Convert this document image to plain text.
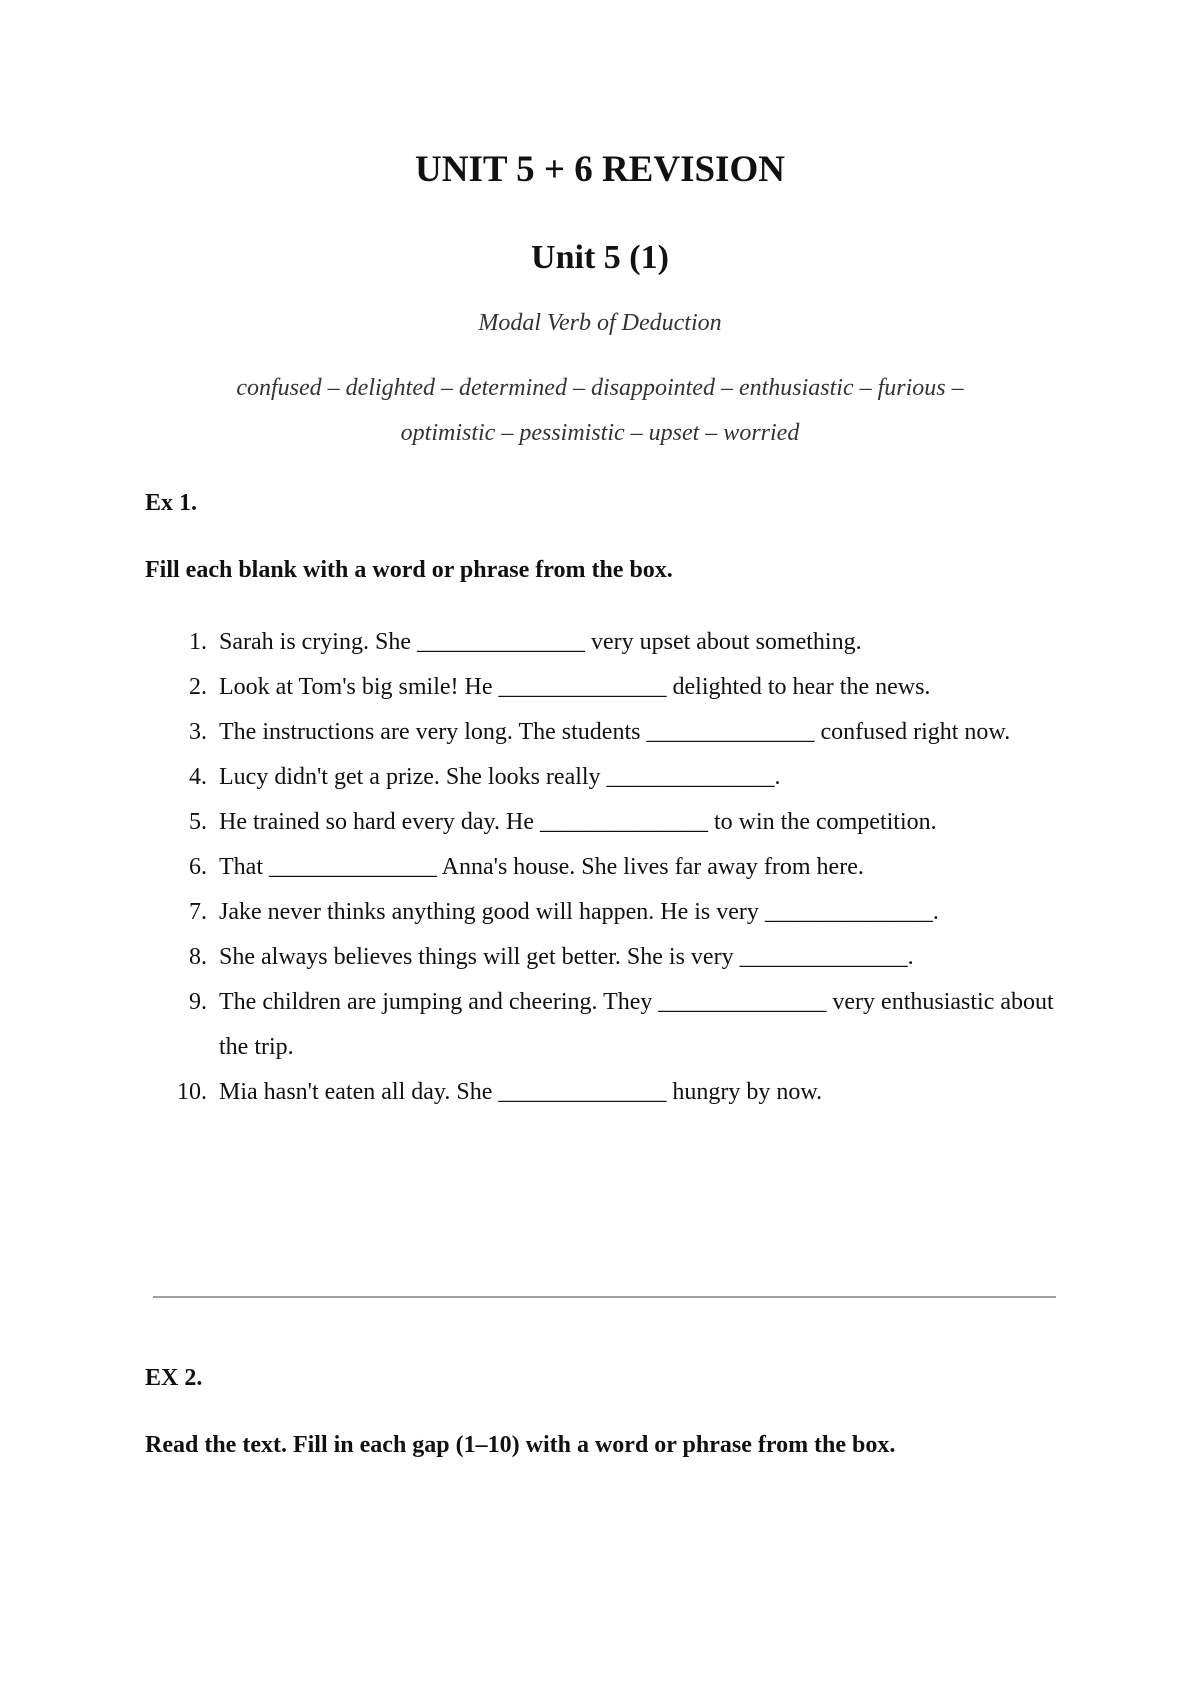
UNIT 5 + 6 REVISION
Unit 5 (1)

Modal Verb of Deduction

confused – delighted – determined – disappointed – enthusiastic – furious –
optimistic – pessimistic – upset – worried

Ex 1.

Fill each blank with a word or phrase from the box.

1. Sarah is crying. She ______________ very upset about something.
2. Look at Tom's big smile! He ______________ delighted to hear the news.
3. The instructions are very long. The students ______________ confused right now.
4. Lucy didn't get a prize. She looks really ______________.
5. He trained so hard every day. He ______________ to win the competition.
6. That ______________ Anna's house. She lives far away from here.
7. Jake never thinks anything good will happen. He is very ______________.
8. She always believes things will get better. She is very ______________.
9. The children are jumping and cheering. They ______________ very enthusiastic about the trip.
10. Mia hasn't eaten all day. She ______________ hungry by now.

EX 2.

Read the text. Fill in each gap (1–10) with a word or phrase from the box.
